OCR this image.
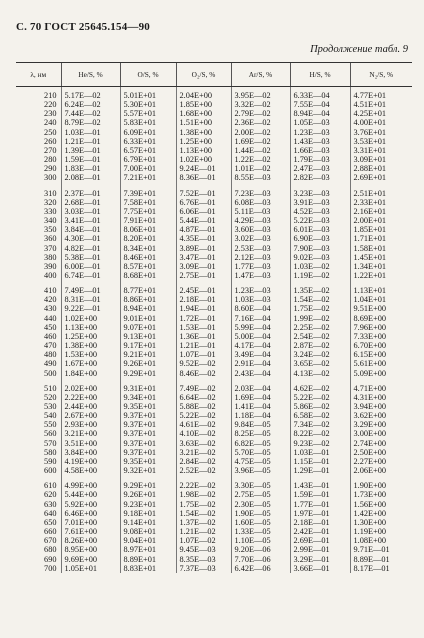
С. 70 ГОСТ 25645.154—90
Продолжение табл. 9
λ, нм	He/S, %	O/S, %	O₂/S, %	Ar/S, %	H/S, %	N₂/S, %
210	5.17E—02	5.01E+01	2.04E+00	3.95E—02	6.33E—04	4.77E+01
220	6.24E—02	5.30E+01	1.85E+00	3.32E—02	7.55E—04	4.51E+01
230	7.44E—02	5.57E+01	1.68E+00	2.79E—02	8.94E—04	4.25E+01
240	8.79E—02	5.83E+01	1.51E+00	2.36E—02	1.05E—03	4.00E+01
250	1.03E—01	6.09E+01	1.38E+00	2.00E—02	1.23E—03	3.76E+01
260	1.21E—01	6.33E+01	1.25E+00	1.69E—02	1.43E—03	3.53E+01
270	1.39E—01	6.57E+01	1.13E+00	1.44E—02	1.66E—03	3.31E+01
280	1.59E—01	6.79E+01	1.02E+00	1.22E—02	1.79E—03	3.09E+01
290	1.83E—01	7.00E+01	9.24E—01	1.01E—02	2.47E—03	2.88E+01
300	2.08E—01	7.21E+01	8.36E—01	8.55E—03	2.82E—03	2.69E+01
310	2.37E—01	7.39E+01	7.52E—01	7.23E—03	3.23E—03	2.51E+01
320	2.68E—01	7.58E+01	6.76E—01	6.08E—03	3.91E—03	2.33E+01
330	3.03E—01	7.75E+01	6.06E—01	5.11E—03	4.52E—03	2.16E+01
340	3.41E—01	7.91E+01	5.44E—01	4.29E—03	5.22E—03	2.00E+01
350	3.84E—01	8.06E+01	4.87E—01	3.60E—03	6.01E—03	1.85E+01
360	4.30E—01	8.20E+01	4.35E—01	3.02E—03	6.90E—03	1.71E+01
370	4.82E—01	8.34E+01	3.89E—01	2.53E—03	7.90E—03	1.58E+01
380	5.38E—01	8.46E+01	3.47E—01	2.12E—03	9.02E—03	1.45E+01
390	6.00E—01	8.57E+01	3.09E—01	1.77E—03	1.03E—02	1.34E+01
400	6.74E—01	8.68E+01	2.75E—01	1.47E—03	1.19E—02	1.22E+01
410	7.49E—01	8.77E+01	2.45E—01	1.23E—03	1.35E—02	1.13E+01
420	8.31E—01	8.86E+01	2.18E—01	1.03E—03	1.54E—02	1.04E+01
430	9.22E—01	8.94E+01	1.94E—01	8.60E—04	1.75E—02	9.51E+00
440	1.02E+00	9.01E+01	1.72E—01	7.16E—04	1.99E—02	8.69E+00
450	1.13E+00	9.07E+01	1.53E—01	5.99E—04	2.25E—02	7.96E+00
460	1.25E+00	9.13E+01	1.36E—01	5.00E—04	2.54E—02	7.33E+00
470	1.38E+00	9.17E+01	1.21E—01	4.17E—04	2.87E—02	6.70E+00
480	1.53E+00	9.21E+01	1.07E—01	3.49E—04	3.24E—02	6.15E+00
490	1.67E+00	9.26E+01	9.52E—02	2.91E—04	3.65E—02	5.61E+00
500	1.84E+00	9.29E+01	8.46E—02	2.43E—04	4.13E—02	5.09E+00
510	2.02E+00	9.31E+01	7.49E—02	2.03E—04	4.62E—02	4.71E+00
520	2.22E+00	9.34E+01	6.64E—02	1.69E—04	5.22E—02	4.31E+00
530	2.44E+00	9.35E+01	5.88E—02	1.41E—04	5.86E—02	3.94E+00
540	2.67E+00	9.37E+01	5.22E—02	1.18E—04	6.58E—02	3.62E+00
550	2.93E+00	9.37E+01	4.61E—02	9.84E—05	7.34E—02	3.29E+00
560	3.21E+00	9.37E+01	4.10E—02	8.25E—05	8.22E—02	3.00E+00
570	3.51E+00	9.37E+01	3.63E—02	6.82E—05	9.23E—02	2.74E+00
580	3.84E+00	9.37E+01	3.21E—02	5.70E—05	1.03E—01	2.50E+00
590	4.19E+00	9.35E+01	2.84E—02	4.75E—05	1.15E—01	2.27E+00
600	4.58E+00	9.32E+01	2.52E—02	3.96E—05	1.29E—01	2.06E+00
610	4.99E+00	9.29E+01	2.22E—02	3.30E—05	1.43E—01	1.90E+00
620	5.44E+00	9.26E+01	1.98E—02	2.75E—05	1.59E—01	1.73E+00
630	5.92E+00	9.23E+01	1.75E—02	2.30E—05	1.77E—01	1.56E+00
640	6.46E+00	9.18E+01	1.54E—02	1.90E—05	1.97E—01	1.42E+00
650	7.01E+00	9.14E+01	1.37E—02	1.60E—05	2.18E—01	1.30E+00
660	7.61E+00	9.08E+01	1.21E—02	1.33E—05	2.42E—01	1.19E+00
670	8.26E+00	9.04E+01	1.07E—02	1.10E—05	2.69E—01	1.08E+00
680	8.95E+00	8.97E+01	9.45E—03	9.20E—06	2.99E—01	9.71E—01
690	9.69E+00	8.89E+01	8.35E—03	7.70E—06	3.29E—01	8.89E—01
700	1.05E+01	8.83E+01	7.37E—03	6.42E—06	3.66E—01	8.17E—01
